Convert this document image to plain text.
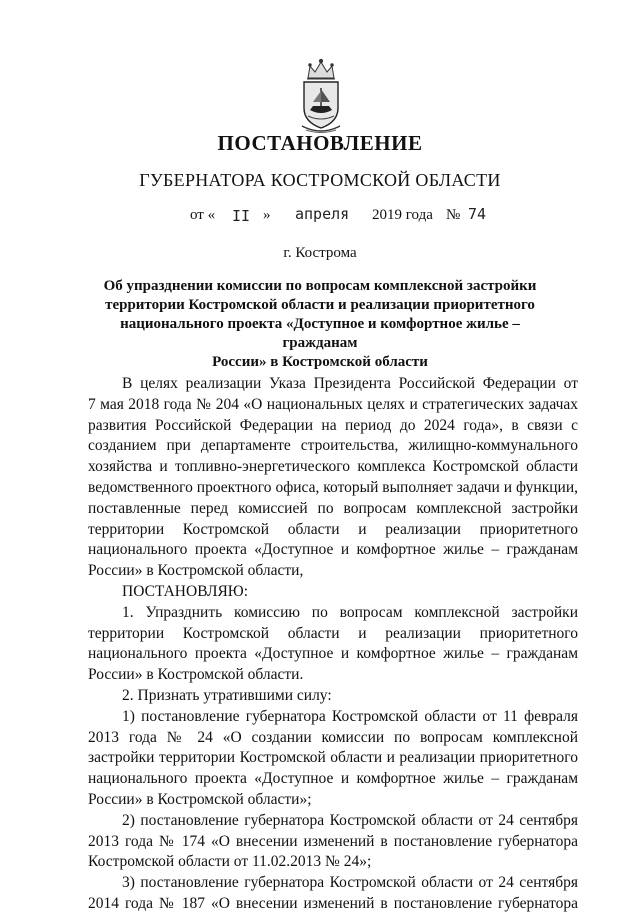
ПОСТАНОВЛЕНИЕ
ГУБЕРНАТОРА КОСТРОМСКОЙ ОБЛАСТИ
от « II » апреля 2019 года № 74
г. Кострома
Об упразднении комиссии по вопросам комплексной застройки
территории Костромской области и реализации приоритетного
национального проекта «Доступное и комфортное жилье – гражданам
России» в Костромской области

В целях реализации Указа Президента Российской Федерации от

7 мая 2018 года № 204 «О национальных целях и стратегических задачах

развития Российской Федерации на период до 2024 года», в связи с

созданием при департаменте строительства, жилищно-коммунального

хозяйства и топливно-энергетического комплекса Костромской области

ведомственного проектного офиса, который выполняет задачи и функции,

поставленные перед комиссией по вопросам комплексной застройки

территории Костромской области и реализации приоритетного

национального проекта «Доступное и комфортное жилье – гражданам

России» в Костромской области,

ПОСТАНОВЛЯЮ:

1. Упразднить комиссию по вопросам комплексной застройки

территории Костромской области и реализации приоритетного

национального проекта «Доступное и комфортное жилье – гражданам

России» в Костромской области.

2. Признать утратившими силу:

1) постановление губернатора Костромской области от 11 февраля

2013 года № 24 «О создании комиссии по вопросам комплексной

застройки территории Костромской области и реализации приоритетного

национального проекта «Доступное и комфортное жилье – гражданам

России» в Костромской области»;

2) постановление губернатора Костромской области от 24 сентября

2013 года № 174 «О внесении изменений в постановление губернатора

Костромской области от 11.02.2013 № 24»;

3) постановление губернатора Костромской области от 24 сентября

2014 года № 187 «О внесении изменений в постановление губернатора
